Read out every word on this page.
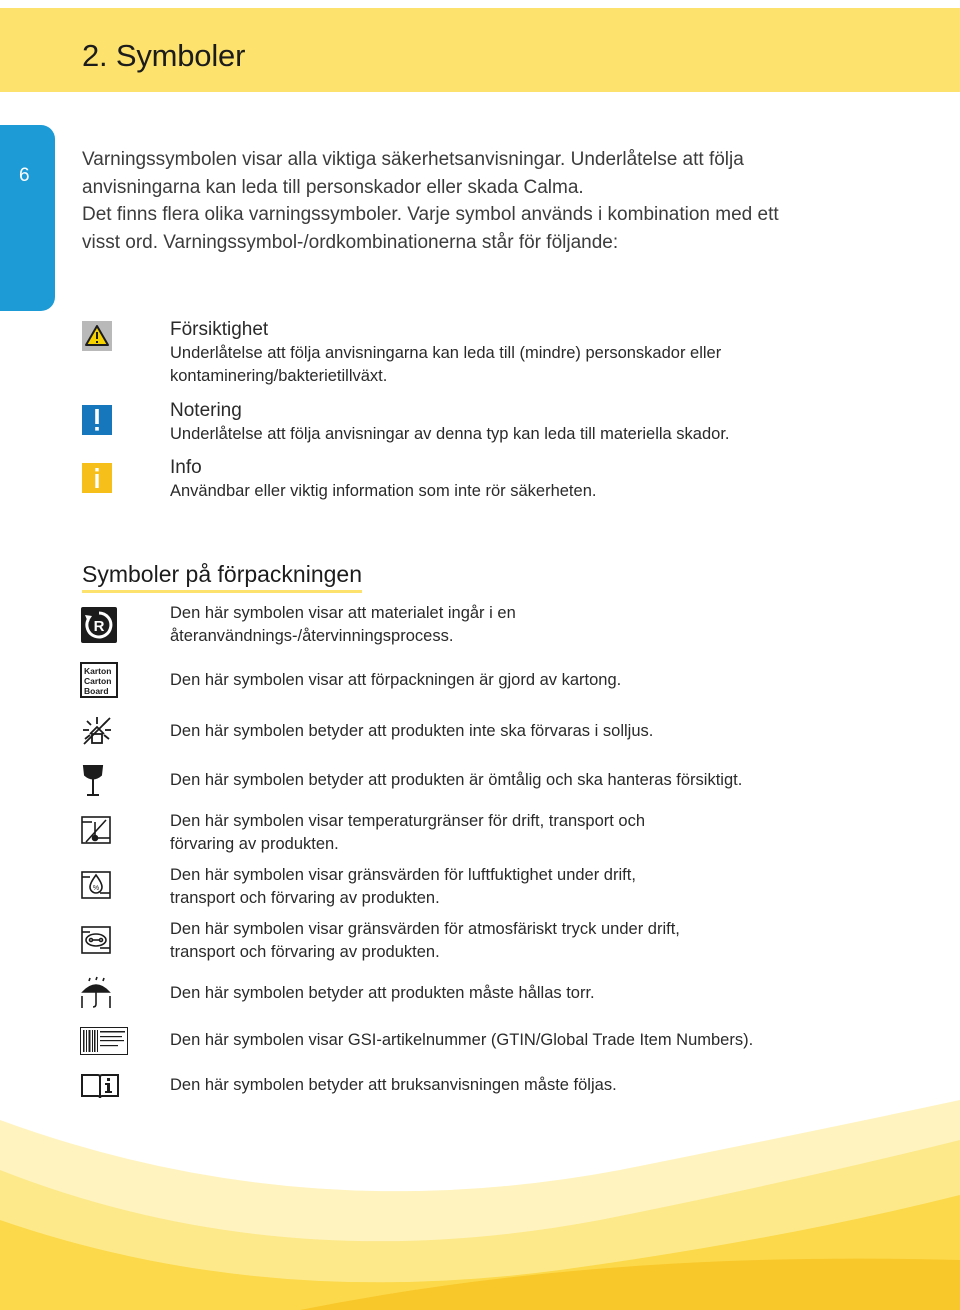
2. Symboler
6

Varningssymbolen visar alla viktiga säkerhetsanvisningar. Underlåtelse att följa

anvisningarna kan leda till personskador eller skada Calma.

Det finns flera olika varningssymboler. Varje symbol används i kombination med ett

visst ord. Varningssymbol-/ordkombinationerna står för följande:

Försiktighet
Underlåtelse att följa anvisningarna kan leda till (mindre) personskador eller
kontaminering/bakterietillväxt.
Notering
Underlåtelse att följa anvisningar av denna typ kan leda till materiella skador.
Info
Användbar eller viktig information som inte rör säkerheten.
Symboler på förpackningen
R
Karton
Carton
Board
%
Den här symbolen visar att materialet ingår i en
återanvändnings-/återvinningsprocess.
Den här symbolen visar att förpackningen är gjord av kartong.
Den här symbolen betyder att produkten inte ska förvaras i solljus.
Den här symbolen betyder att produkten är ömtålig och ska hanteras försiktigt.
Den här symbolen visar temperaturgränser för drift, transport och
förvaring av produkten.
Den här symbolen visar gränsvärden för luftfuktighet under drift,
transport och förvaring av produkten.
Den här symbolen visar gränsvärden för atmosfäriskt tryck under drift,
transport och förvaring av produkten.
Den här symbolen betyder att produkten måste hållas torr.
Den här symbolen visar GSI-artikelnummer (GTIN/Global Trade Item Numbers).
Den här symbolen betyder att bruksanvisningen måste följas.
